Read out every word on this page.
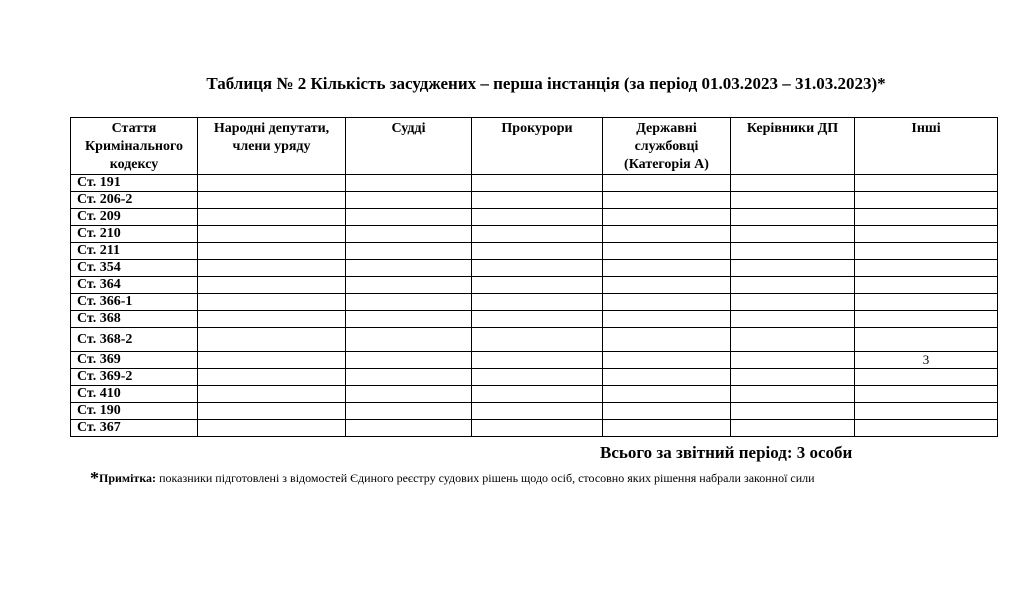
Таблиця № 2 Кількість засуджених – перша інстанція (за період 01.03.2023 – 31.03.2023)*
Стаття Кримінального кодексу	Народні депутати, члени уряду	Судді	Прокурори	Державні службовці (Категорія А)	Керівники ДП	Інші
Ст. 191						
Ст. 206-2						
Ст. 209						
Ст. 210						
Ст. 211						
Ст. 354						
Ст. 364						
Ст. 366-1						
Ст. 368						
Ст. 368-2						
Ст. 369						3
Ст. 369-2						
Ст. 410						
Ст. 190						
Ст. 367						
Всього за звітний період: 3 особи
*Примітка: показники підготовлені з відомостей Єдиного реєстру судових рішень щодо осіб, стосовно яких рішення набрали законної сили
